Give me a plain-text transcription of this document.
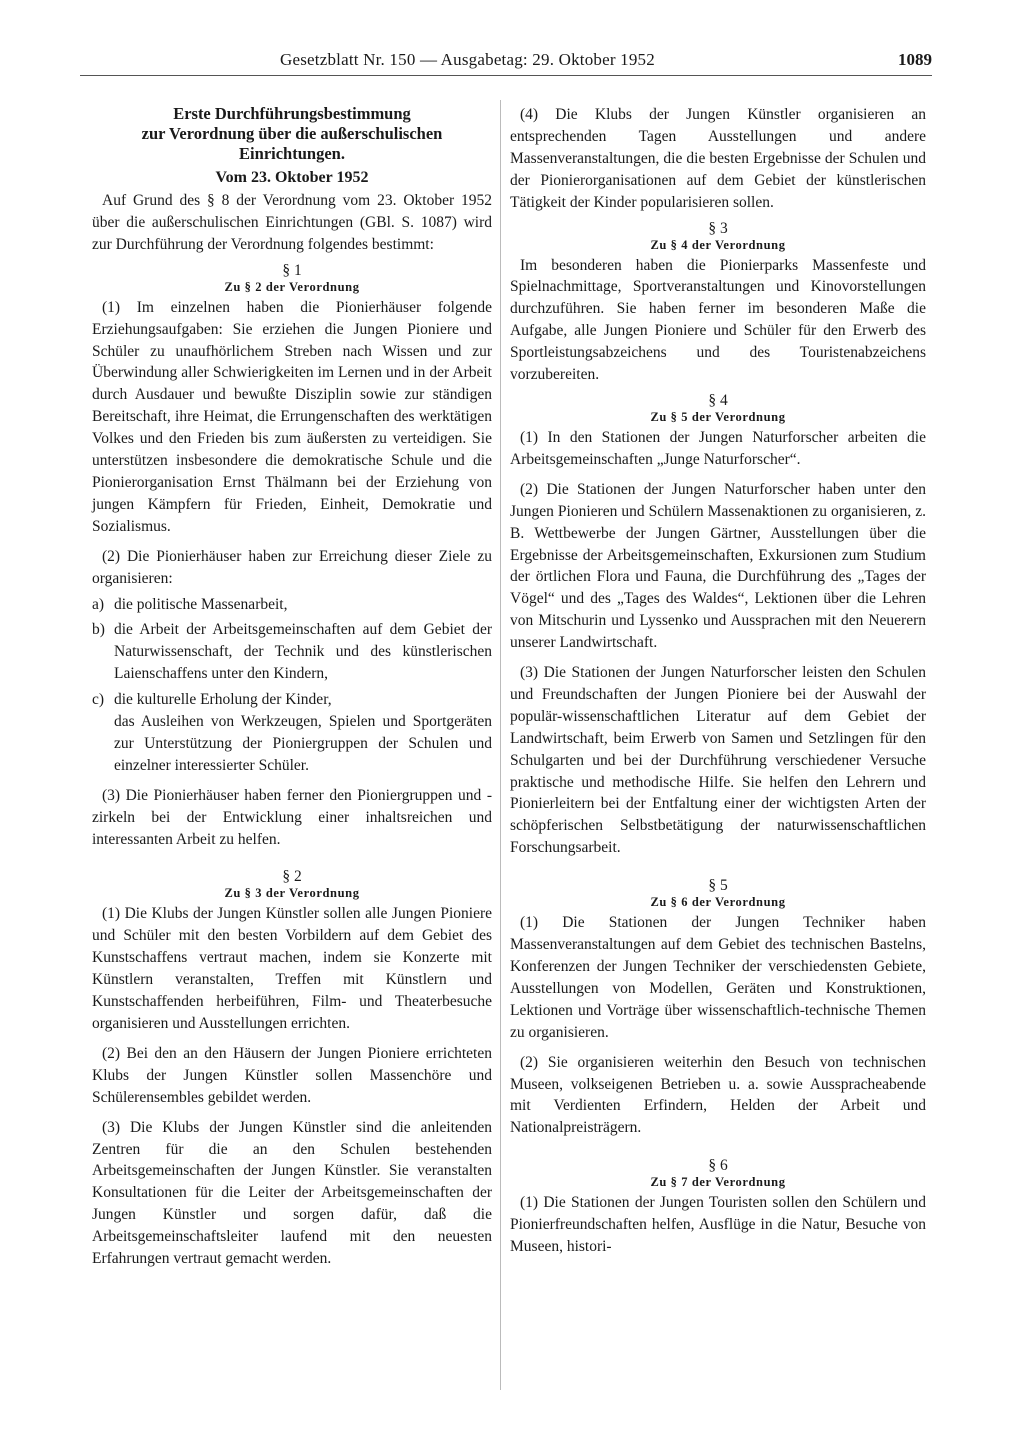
Gesetzblatt Nr. 150 — Ausgabetag: 29. Oktober 1952	1089
Erste Durchführungsbestimmung
zur Verordnung über die außerschulischen
Einrichtungen.
Vom 23. Oktober 1952

Auf Grund des § 8 der Verordnung vom 23. Oktober 1952 über die außerschulischen Einrichtungen (GBl. S. 1087) wird zur Durchführung der Verordnung folgendes bestimmt:

§ 1
Zu § 2 der Verordnung

(1) Im einzelnen haben die Pionierhäuser folgende Erziehungsaufgaben: Sie erziehen die Jungen Pioniere und Schüler zu unaufhörlichem Streben nach Wissen und zur Überwindung aller Schwierigkeiten im Lernen und in der Arbeit durch Ausdauer und bewußte Disziplin sowie zur ständigen Bereitschaft, ihre Heimat, die Errungenschaften des werktätigen Volkes und den Frieden bis zum äußersten zu verteidigen. Sie unterstützen insbesondere die demokratische Schule und die Pionierorganisation Ernst Thälmann bei der Erziehung von jungen Kämpfern für Frieden, Einheit, Demokratie und Sozialismus.

(2) Die Pionierhäuser haben zur Erreichung dieser Ziele zu organisieren:

a) die politische Massenarbeit,
b) die Arbeit der Arbeitsgemeinschaften auf dem Gebiet der Naturwissenschaft, der Technik und des künstlerischen Laienschaffens unter den Kindern,
c) die kulturelle Erholung der Kinder,
das Ausleihen von Werkzeugen, Spielen und Sportgeräten zur Unterstützung der Pioniergruppen der Schulen und einzelner interessierter Schüler.

(3) Die Pionierhäuser haben ferner den Pioniergruppen und -zirkeln bei der Entwicklung einer inhaltsreichen und interessanten Arbeit zu helfen.

§ 2
Zu § 3 der Verordnung

(1) Die Klubs der Jungen Künstler sollen alle Jungen Pioniere und Schüler mit den besten Vorbildern auf dem Gebiet des Kunstschaffens vertraut machen, indem sie Konzerte mit Künstlern veranstalten, Treffen mit Künstlern und Kunstschaffenden herbeiführen, Film- und Theaterbesuche organisieren und Ausstellungen errichten.

(2) Bei den an den Häusern der Jungen Pioniere errichteten Klubs der Jungen Künstler sollen Massenchöre und Schülerensembles gebildet werden.

(3) Die Klubs der Jungen Künstler sind die anleitenden Zentren für die an den Schulen bestehenden Arbeitsgemeinschaften der Jungen Künstler. Sie veranstalten Konsultationen für die Leiter der Arbeitsgemeinschaften der Jungen Künstler und sorgen dafür, daß die Arbeitsgemeinschaftsleiter laufend mit den neuesten Erfahrungen vertraut gemacht werden.

(4) Die Klubs der Jungen Künstler organisieren an entsprechenden Tagen Ausstellungen und andere Massenveranstaltungen, die die besten Ergebnisse der Schulen und der Pionierorganisationen auf dem Gebiet der künstlerischen Tätigkeit der Kinder popularisieren sollen.

§ 3
Zu § 4 der Verordnung

Im besonderen haben die Pionierparks Massenfeste und Spielnachmittage, Sportveranstaltungen und Kinovorstellungen durchzuführen. Sie haben ferner im besonderen Maße die Aufgabe, alle Jungen Pioniere und Schüler für den Erwerb des Sportleistungsabzeichens und des Touristenabzeichens vorzubereiten.

§ 4
Zu § 5 der Verordnung

(1) In den Stationen der Jungen Naturforscher arbeiten die Arbeitsgemeinschaften „Junge Naturforscher“.

(2) Die Stationen der Jungen Naturforscher haben unter den Jungen Pionieren und Schülern Massenaktionen zu organisieren, z. B. Wettbewerbe der Jungen Gärtner, Ausstellungen über die Ergebnisse der Arbeitsgemeinschaften, Exkursionen zum Studium der örtlichen Flora und Fauna, die Durchführung des „Tages der Vögel“ und des „Tages des Waldes“, Lektionen über die Lehren von Mitschurin und Lyssenko und Aussprachen mit den Neuerern unserer Landwirtschaft.

(3) Die Stationen der Jungen Naturforscher leisten den Schulen und Freundschaften der Jungen Pioniere bei der Auswahl der populär-wissenschaftlichen Literatur auf dem Gebiet der Landwirtschaft, beim Erwerb von Samen und Setzlingen für den Schulgarten und bei der Durchführung verschiedener Versuche praktische und methodische Hilfe. Sie helfen den Lehrern und Pionierleitern bei der Entfaltung einer der wichtigsten Arten der schöpferischen Selbstbetätigung der naturwissenschaftlichen Forschungsarbeit.

§ 5
Zu § 6 der Verordnung

(1) Die Stationen der Jungen Techniker haben Massenveranstaltungen auf dem Gebiet des technischen Bastelns, Konferenzen der Jungen Techniker der verschiedensten Gebiete, Ausstellungen von Modellen, Geräten und Konstruktionen, Lektionen und Vorträge über wissenschaftlich-technische Themen zu organisieren.

(2) Sie organisieren weiterhin den Besuch von technischen Museen, volkseigenen Betrieben u. a. sowie Ausspracheabende mit Verdienten Erfindern, Helden der Arbeit und Nationalpreisträgern.

§ 6
Zu § 7 der Verordnung

(1) Die Stationen der Jungen Touristen sollen den Schülern und Pionierfreundschaften helfen, Ausflüge in die Natur, Besuche von Museen, histori-
